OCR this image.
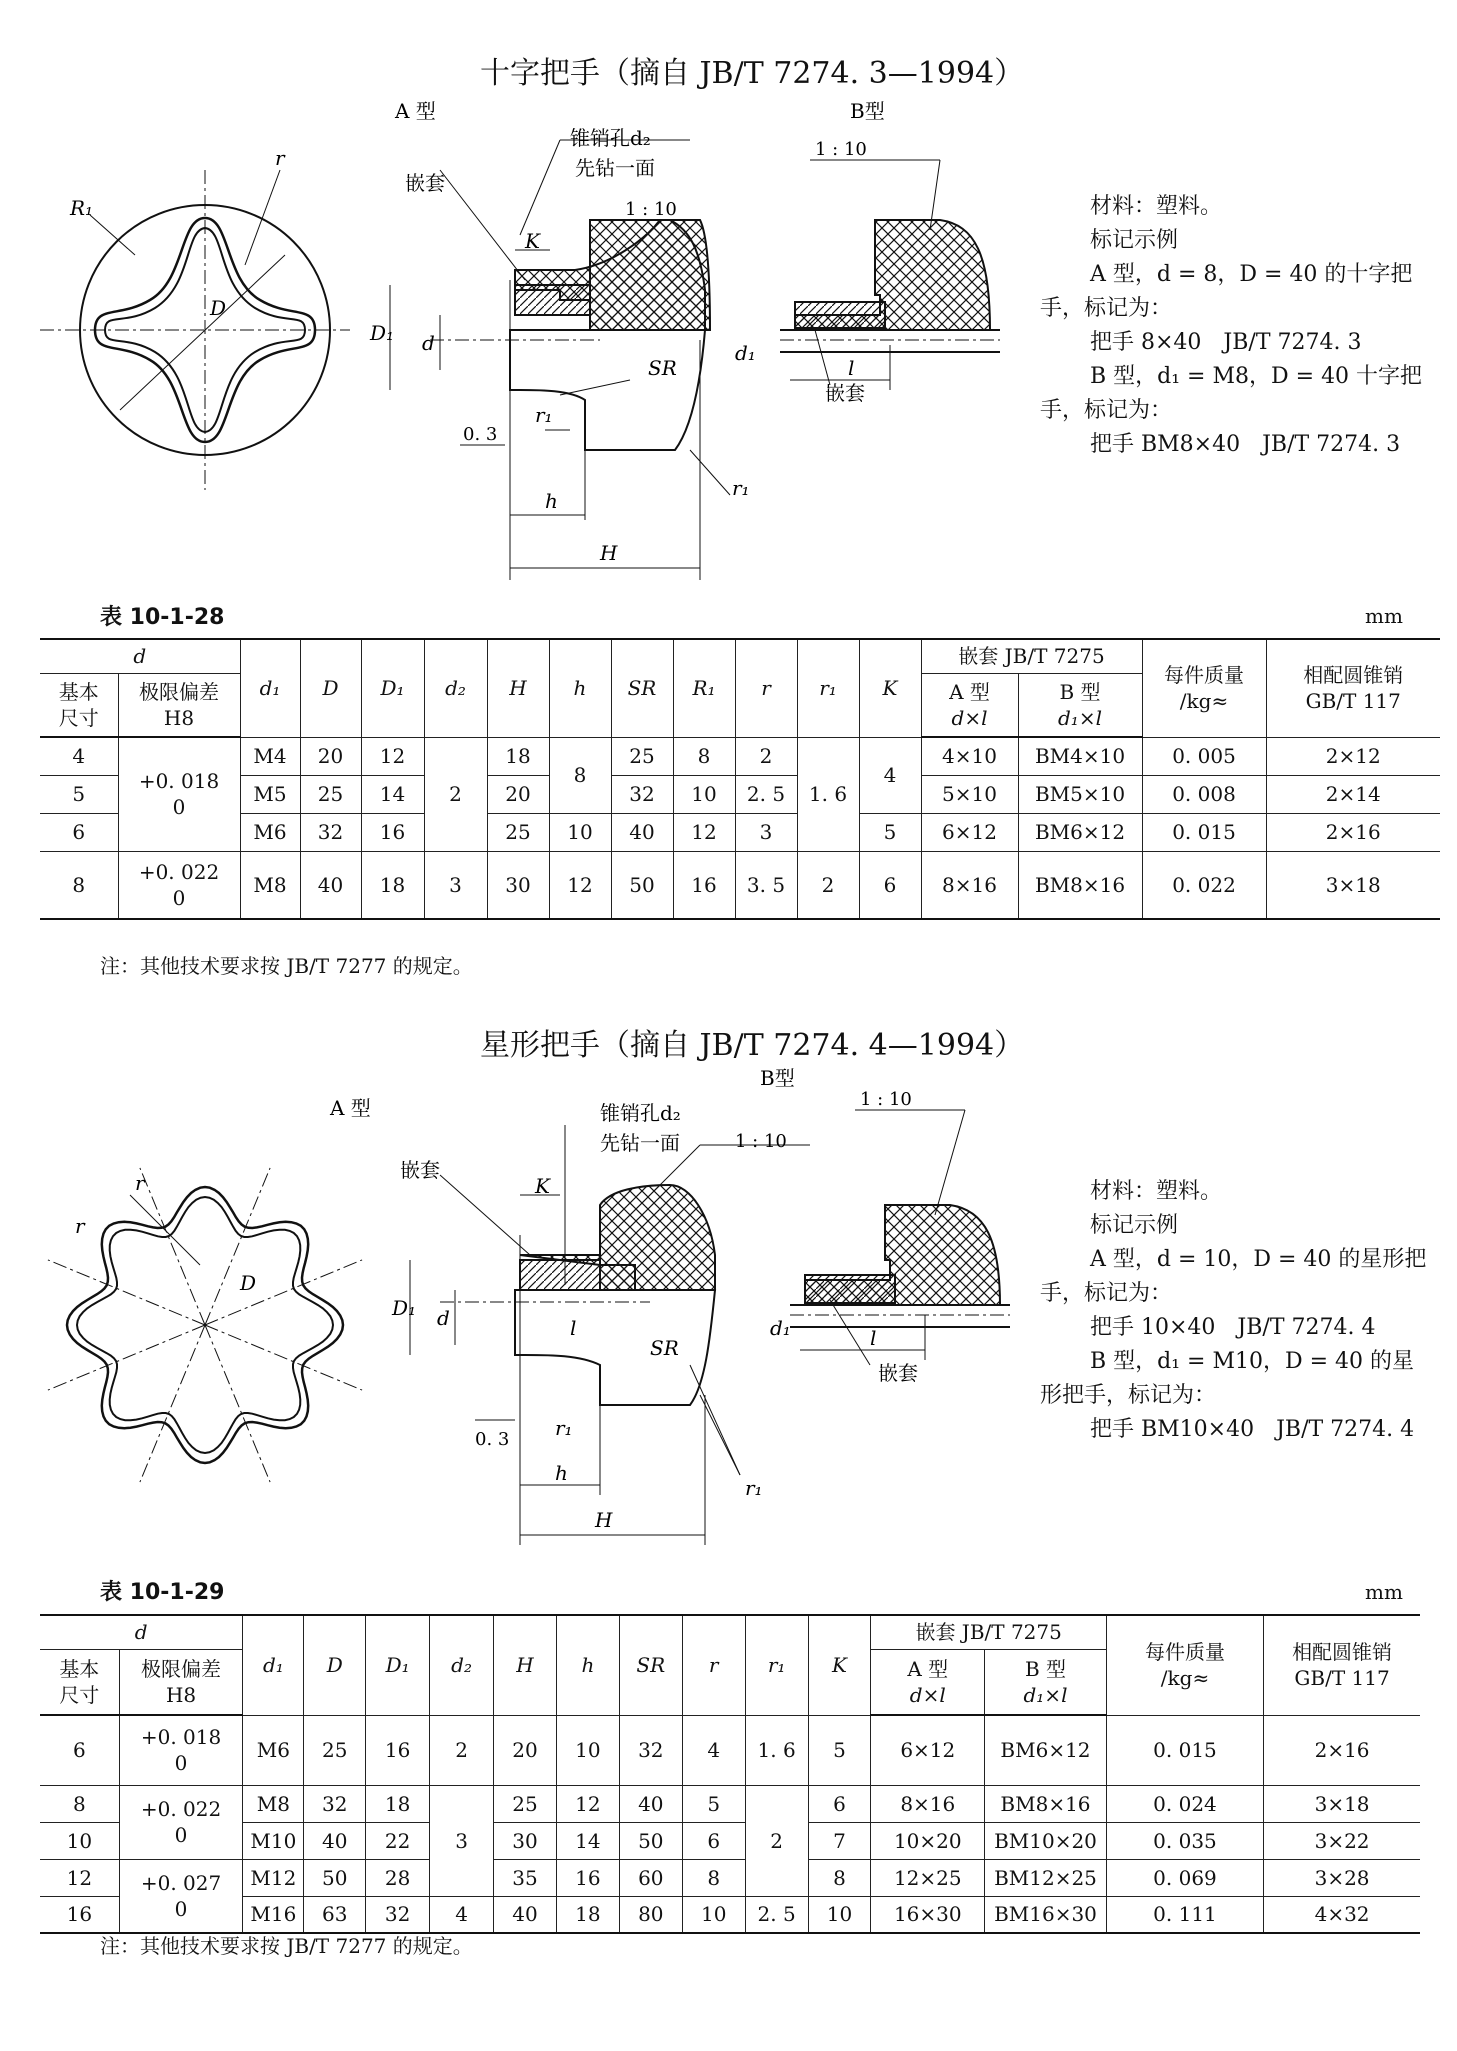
十字把手（摘自 JB/T 7274. 3—1994）
r
R₁
D
A 型
嵌套
锥销孔d₂
先钻一面
1 : 10
K
D₁ d
SR
r₁
0. 3
h
H
r₁
B型
1 : 10
d₁
l
嵌套

材料：塑料。

标记示例

A 型，d = 8，D = 40 的十字把

手，标记为：

把手 8×40　JB/T 7274. 3

B 型，d₁ = M8，D = 40 十字把

手，标记为：

把手 BM8×40　JB/T 7274. 3

表 10-1-28	mm
d		d₁	D	D₁	d₂	H	h	SR	R₁	r	r₁	K	嵌套 JB/T 7275		每件质量
/kg≈	相配圆锥销
GB/T 117
基本
尺寸	极限偏差
H8												A 型
d×l	B 型
d₁×l		
4	+0. 018
0	M4	20	12	2	18	8	25	8	2	1. 6	4	4×10	BM4×10	0. 005	2×12
5		M5	25	14		20		32	10	2. 5			5×10	BM5×10	0. 008	2×14
6		M6	32	16		25	10	40	12	3		5	6×12	BM6×12	0. 015	2×16
8	+0. 022
0	M8	40	18	3	30	12	50	16	3. 5	2	6	8×16	BM8×16	0. 022	3×18
注：其他技术要求按 JB/T 7277 的规定。
星形把手（摘自 JB/T 7274. 4—1994）
r
r
D
A 型
嵌套
锥销孔d₂
先钻一面	1 : 10
K
D₁ d	l
SR
r₁
0. 3
h
H
r₁
B型
1 : 10
d₁	l
嵌套

材料：塑料。

标记示例

A 型，d = 10，D = 40 的星形把

手，标记为：

把手 10×40　JB/T 7274. 4

B 型，d₁ = M10，D = 40 的星

形把手，标记为：

把手 BM10×40　JB/T 7274. 4

表 10-1-29	mm
d		d₁	D	D₁	d₂	H	h	SR	r	r₁	K	嵌套 JB/T 7275		每件质量
/kg≈	相配圆锥销
GB/T 117
基本
尺寸	极限偏差
H8											A 型
d×l	B 型
d₁×l		
6	+0. 018
0	M6	25	16	2	20	10	32	4	1. 6	5	6×12	BM6×12	0. 015	2×16
8	+0. 022
0	M8	32	18	3	25	12	40	5	2	6	8×16	BM8×16	0. 024	3×18
10		M10	40	22		30	14	50	6		7	10×20	BM10×20	0. 035	3×22
12	+0. 027
0	M12	50	28		35	16	60	8		8	12×25	BM12×25	0. 069	3×28
16		M16	63	32	4	40	18	80	10	2. 5	10	16×30	BM16×30	0. 111	4×32
注：其他技术要求按 JB/T 7277 的规定。
